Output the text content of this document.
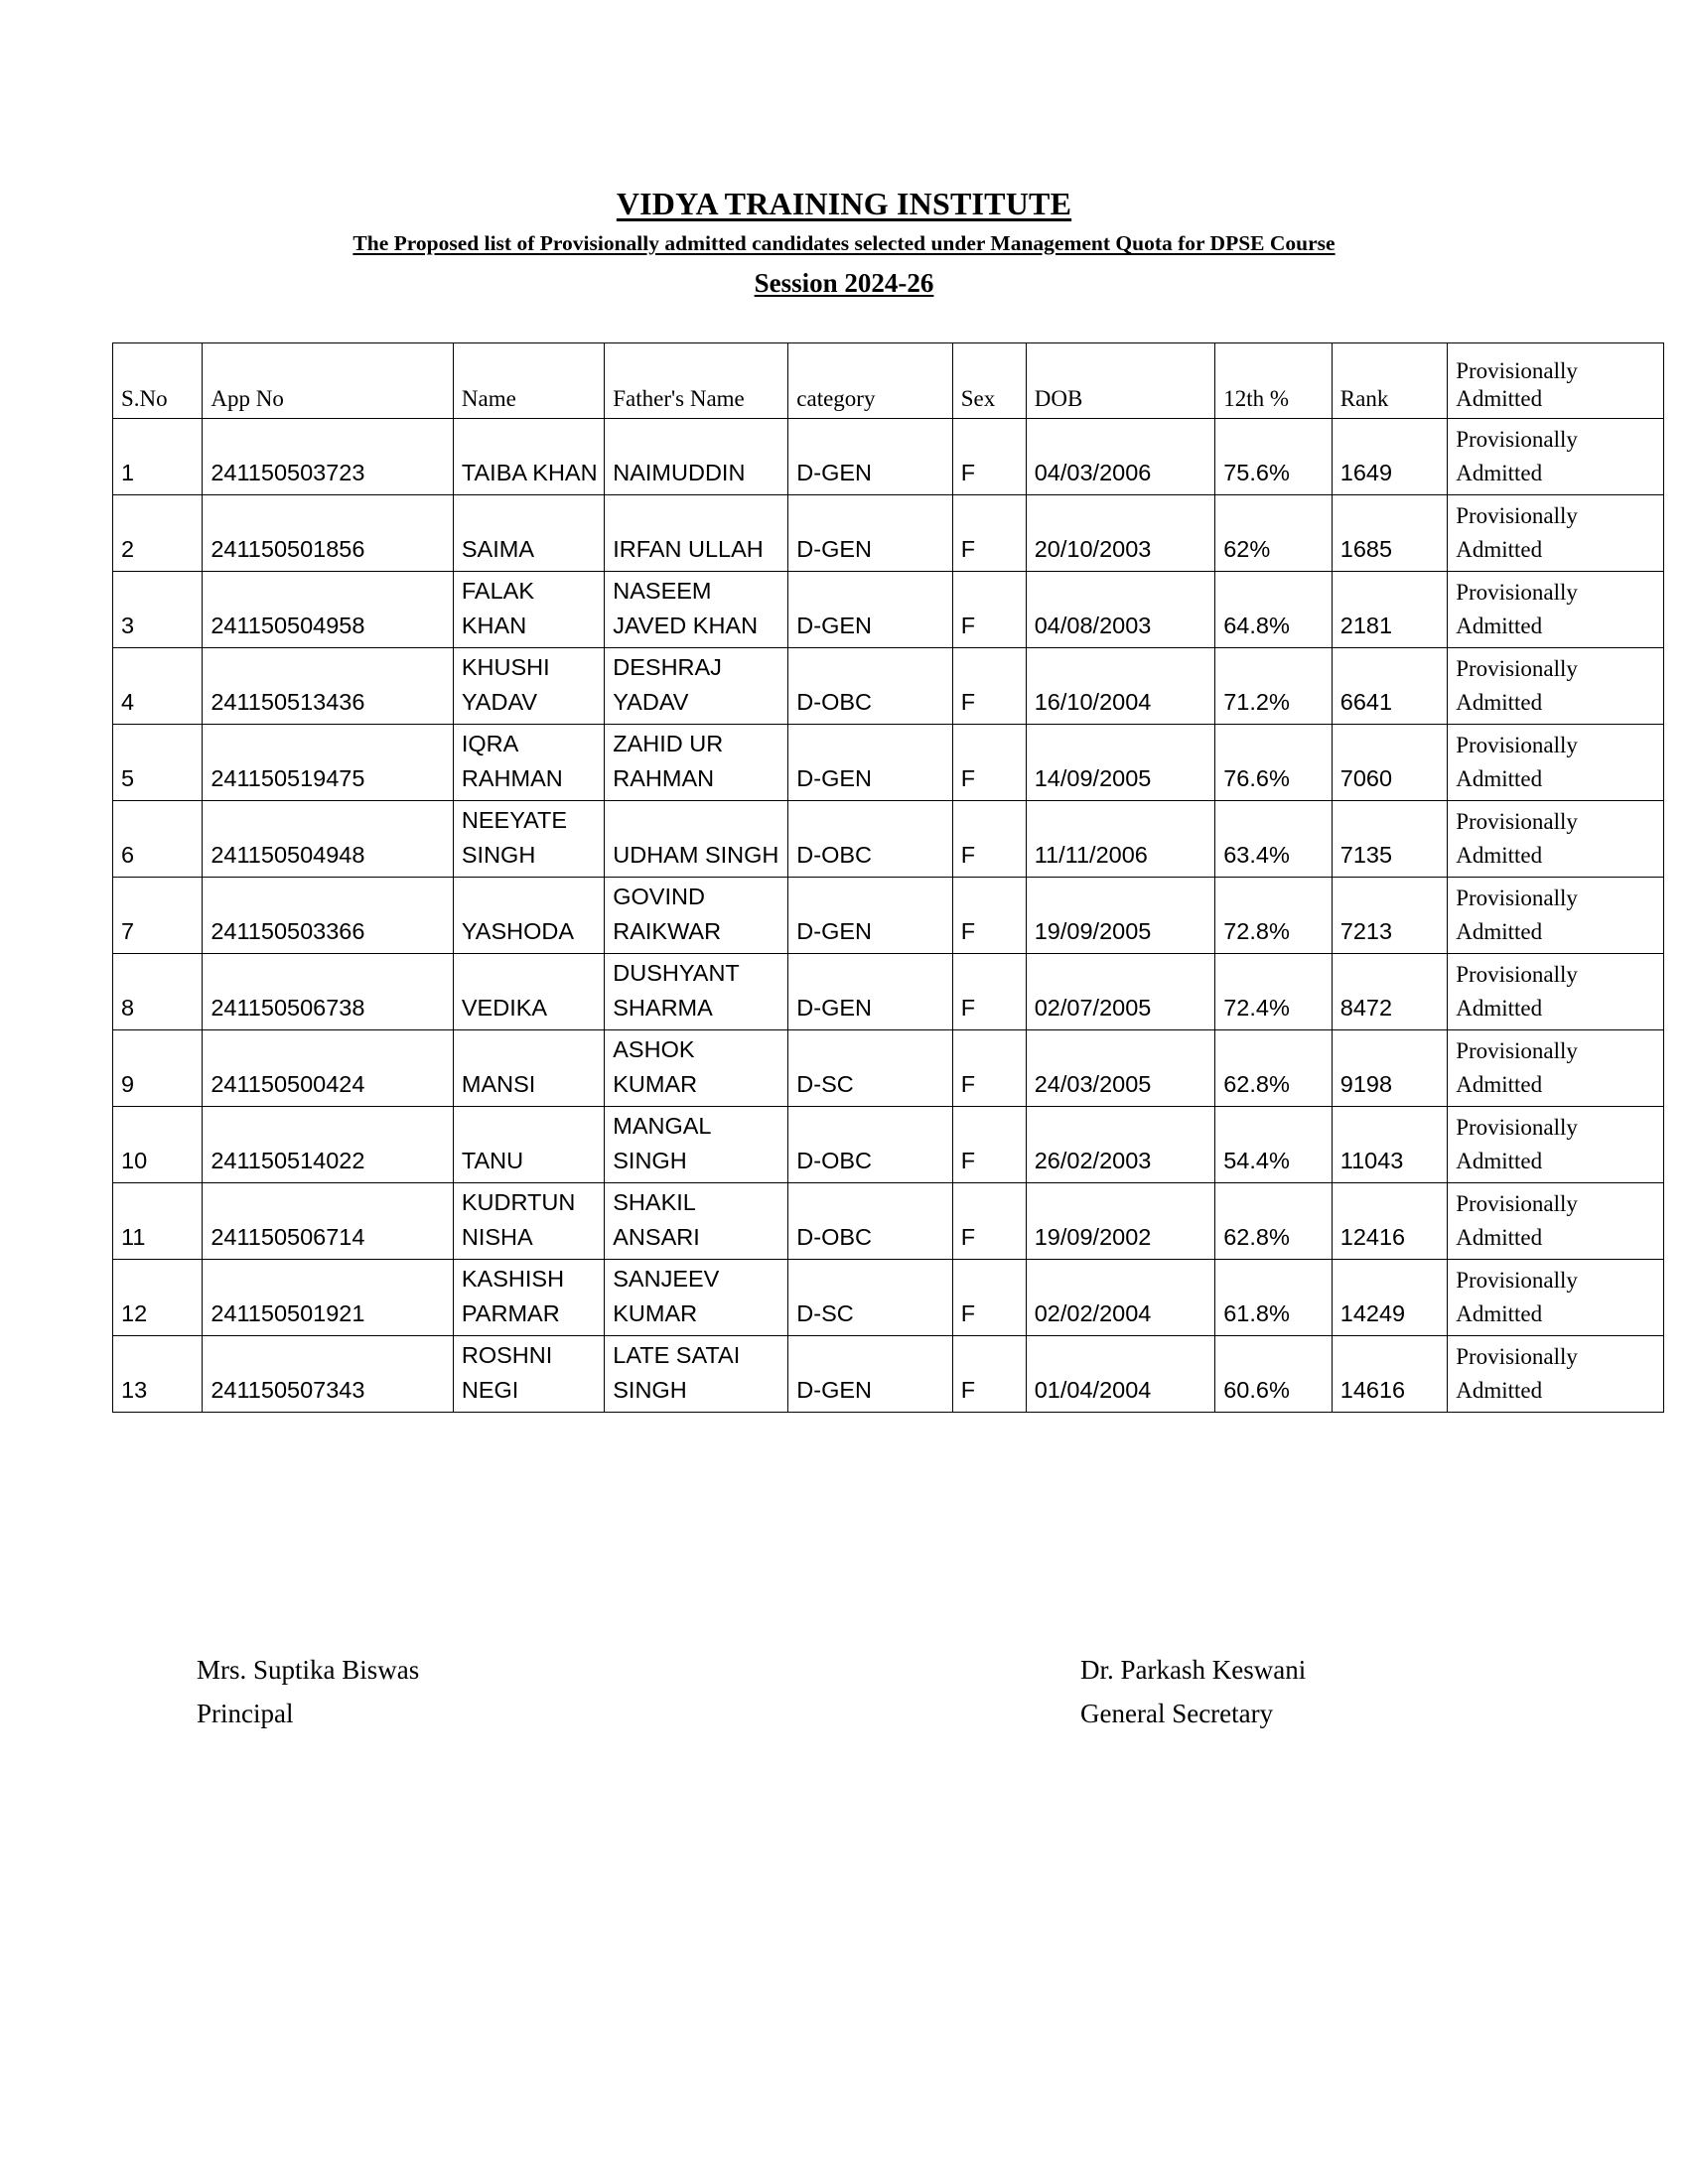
VIDYA TRAINING INSTITUTE
The Proposed list of Provisionally admitted candidates selected under Management Quota for DPSE Course
Session 2024-26
S.No	App No	Name	Father's Name	category	Sex	DOB	12th %	Rank	Provisionally Admitted
1	241150503723	TAIBA KHAN	NAIMUDDIN	D-GEN	F	04/03/2006	75.6%	1649	Provisionally Admitted
2	241150501856	SAIMA	IRFAN ULLAH	D-GEN	F	20/10/2003	62%	1685	Provisionally Admitted
3	241150504958	FALAK KHAN	NASEEM JAVED KHAN	D-GEN	F	04/08/2003	64.8%	2181	Provisionally Admitted
4	241150513436	KHUSHI YADAV	DESHRAJ YADAV	D-OBC	F	16/10/2004	71.2%	6641	Provisionally Admitted
5	241150519475	IQRA RAHMAN	ZAHID UR RAHMAN	D-GEN	F	14/09/2005	76.6%	7060	Provisionally Admitted
6	241150504948	NEEYATE SINGH	UDHAM SINGH	D-OBC	F	11/11/2006	63.4%	7135	Provisionally Admitted
7	241150503366	YASHODA	GOVIND RAIKWAR	D-GEN	F	19/09/2005	72.8%	7213	Provisionally Admitted
8	241150506738	VEDIKA	DUSHYANT SHARMA	D-GEN	F	02/07/2005	72.4%	8472	Provisionally Admitted
9	241150500424	MANSI	ASHOK KUMAR	D-SC	F	24/03/2005	62.8%	9198	Provisionally Admitted
10	241150514022	TANU	MANGAL SINGH	D-OBC	F	26/02/2003	54.4%	11043	Provisionally Admitted
11	241150506714	KUDRTUN NISHA	SHAKIL ANSARI	D-OBC	F	19/09/2002	62.8%	12416	Provisionally Admitted
12	241150501921	KASHISH PARMAR	SANJEEV KUMAR	D-SC	F	02/02/2004	61.8%	14249	Provisionally Admitted
13	241150507343	ROSHNI NEGI	LATE SATAI SINGH	D-GEN	F	01/04/2004	60.6%	14616	Provisionally Admitted
Mrs. Suptika Biswas
Principal
Dr. Parkash Keswani
General Secretary
